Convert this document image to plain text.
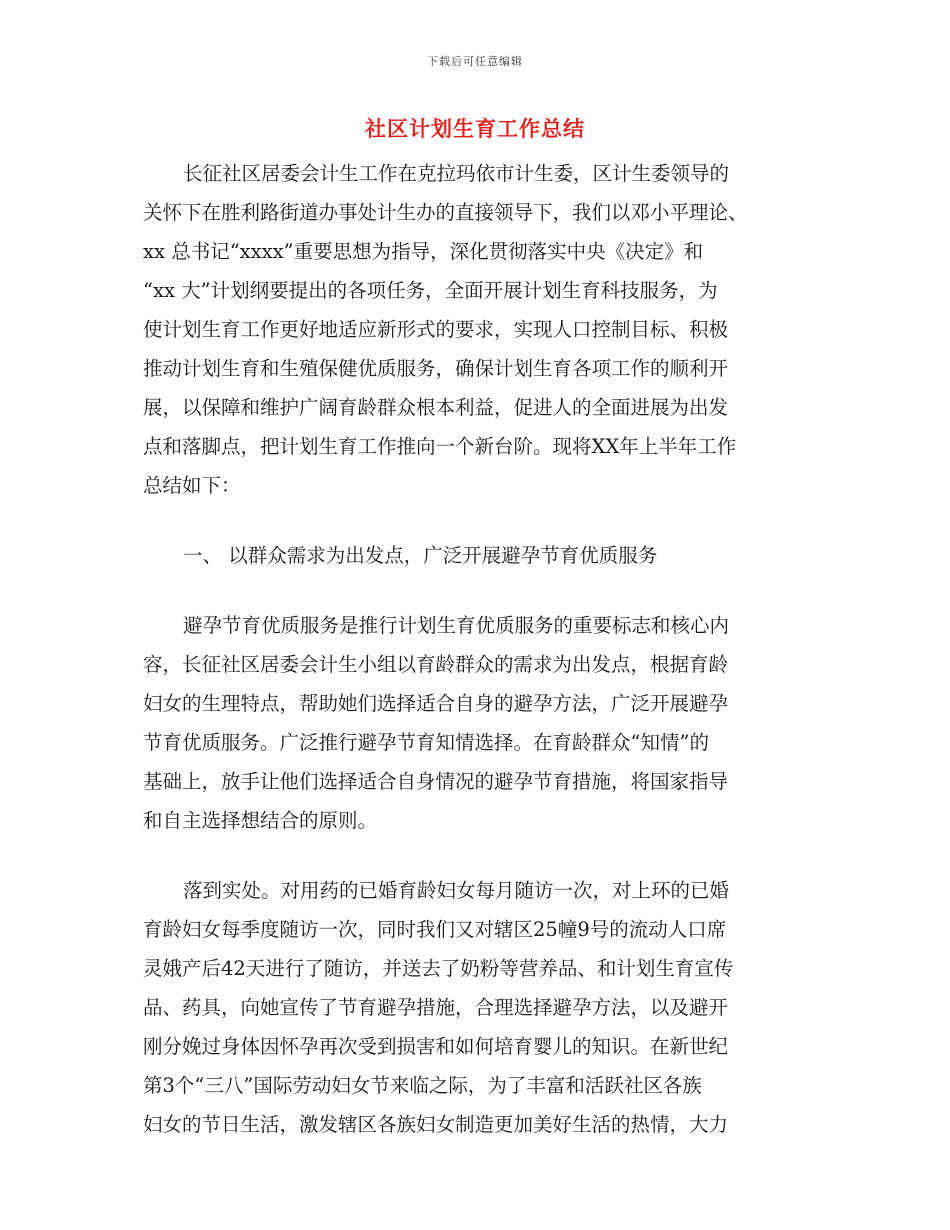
下载后可任意编辑
社区计划生育工作总结
长征社区居委会计生工作在克拉玛依市计生委，区计生委领导的
关怀下在胜利路街道办事处计生办的直接领导下，我们以邓小平理论、
xx 总书记“xxxx”重要思想为指导，深化贯彻落实中央《决定》和
“xx 大”计划纲要提出的各项任务，全面开展计划生育科技服务，为
使计划生育工作更好地适应新形式的要求，实现人口控制目标、积极
推动计划生育和生殖保健优质服务，确保计划生育各项工作的顺利开
展，以保障和维护广阔育龄群众根本利益，促进人的全面进展为出发
点和落脚点，把计划生育工作推向一个新台阶。现将XX年上半年工作
总结如下：
一、 以群众需求为出发点，广泛开展避孕节育优质服务
避孕节育优质服务是推行计划生育优质服务的重要标志和核心内
容，长征社区居委会计生小组以育龄群众的需求为出发点，根据育龄
妇女的生理特点，帮助她们选择适合自身的避孕方法，广泛开展避孕
节育优质服务。广泛推行避孕节育知情选择。在育龄群众“知情”的
基础上，放手让他们选择适合自身情况的避孕节育措施，将国家指导
和自主选择想结合的原则。
落到实处。对用药的已婚育龄妇女每月随访一次，对上环的已婚
育龄妇女每季度随访一次，同时我们又对辖区25幢9号的流动人口席
灵娥产后42天进行了随访，并送去了奶粉等营养品、和计划生育宣传
品、药具，向她宣传了节育避孕措施，合理选择避孕方法，以及避开
刚分娩过身体因怀孕再次受到损害和如何培育婴儿的知识。在新世纪
第3个“三八”国际劳动妇女节来临之际，为了丰富和活跃社区各族
妇女的节日生活，激发辖区各族妇女制造更加美好生活的热情，大力
